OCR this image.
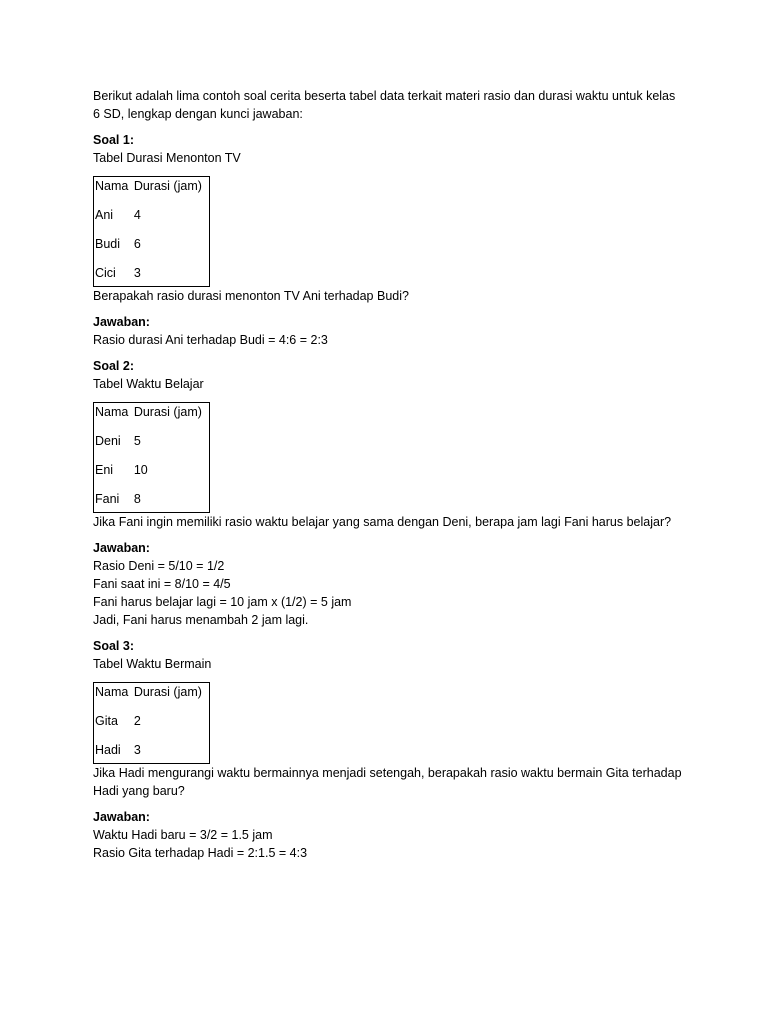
Berikut adalah lima contoh soal cerita beserta tabel data terkait materi rasio dan durasi waktu untuk kelas 6 SD, lengkap dengan kunci jawaban:

Soal 1:

Tabel Durasi Menonton TV

Nama	Durasi (jam)
Ani	4
Budi	6
Cici	3

Berapakah rasio durasi menonton TV Ani terhadap Budi?

Jawaban:

Rasio durasi Ani terhadap Budi = 4:6 = 2:3

Soal 2:

Tabel Waktu Belajar

Nama	Durasi (jam)
Deni	5
Eni	10
Fani	8

Jika Fani ingin memiliki rasio waktu belajar yang sama dengan Deni, berapa jam lagi Fani harus belajar?

Jawaban:

Rasio Deni = 5/10 = 1/2

Fani saat ini = 8/10 = 4/5

Fani harus belajar lagi = 10 jam x (1/2) = 5 jam

Jadi, Fani harus menambah 2 jam lagi.

Soal 3:

Tabel Waktu Bermain

Nama	Durasi (jam)
Gita	2
Hadi	3

Jika Hadi mengurangi waktu bermainnya menjadi setengah, berapakah rasio waktu bermain Gita terhadap Hadi yang baru?

Jawaban:

Waktu Hadi baru = 3/2 = 1.5 jam

Rasio Gita terhadap Hadi = 2:1.5 = 4:3
